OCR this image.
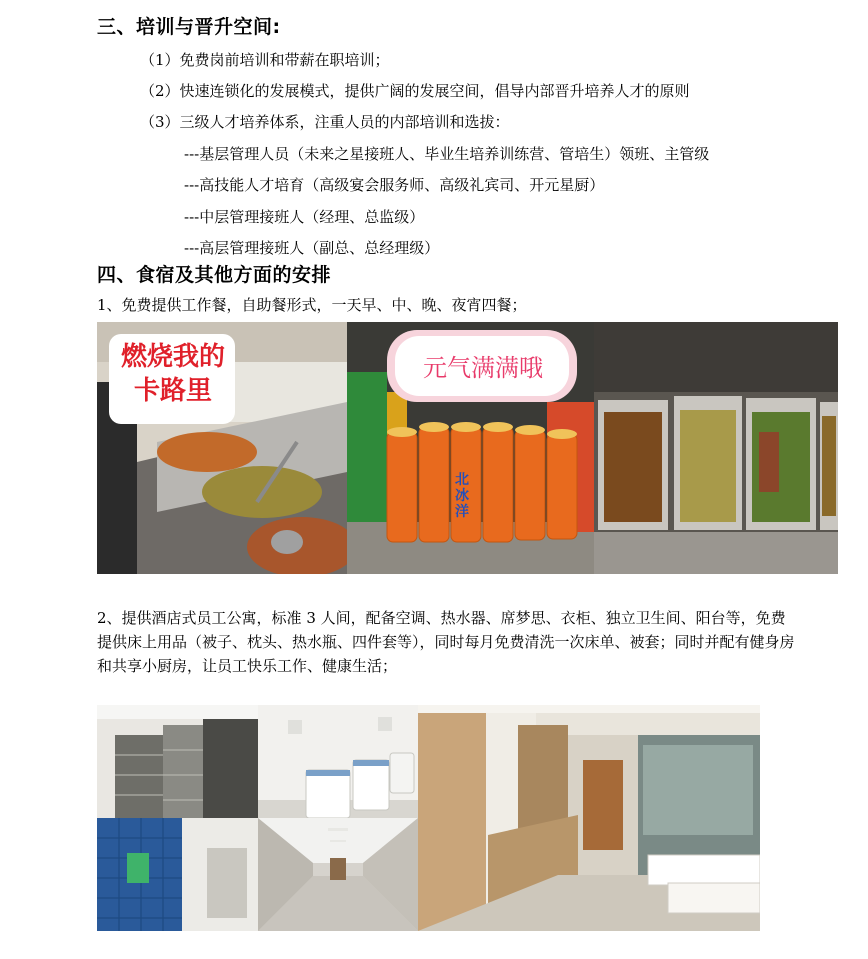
三、培训与晋升空间:
（1）免费岗前培训和带薪在职培训；
（2）快速连锁化的发展模式，提供广阔的发展空间，倡导内部晋升培养人才的原则
（3）三级人才培养体系，注重人员的内部培训和选拔：
---基层管理人员（未来之星接班人、毕业生培养训练营、管培生）领班、主管级
---高技能人才培育（高级宴会服务师、高级礼宾司、开元星厨）
---中层管理接班人（经理、总监级）
---高层管理接班人（副总、总经理级）
四、食宿及其他方面的安排
1、免费提供工作餐，自助餐形式，一天早、中、晚、夜宵四餐；
燃烧我的卡路里
元气满满哦
北冰洋
2、提供酒店式员工公寓，标准 3 人间，配备空调、热水器、席梦思、衣柜、独立卫生间、阳台等，免费提供床上用品（被子、枕头、热水瓶、四件套等），同时每月免费清洗一次床单、被套；同时并配有健身房和共享小厨房，让员工快乐工作、健康生活；
